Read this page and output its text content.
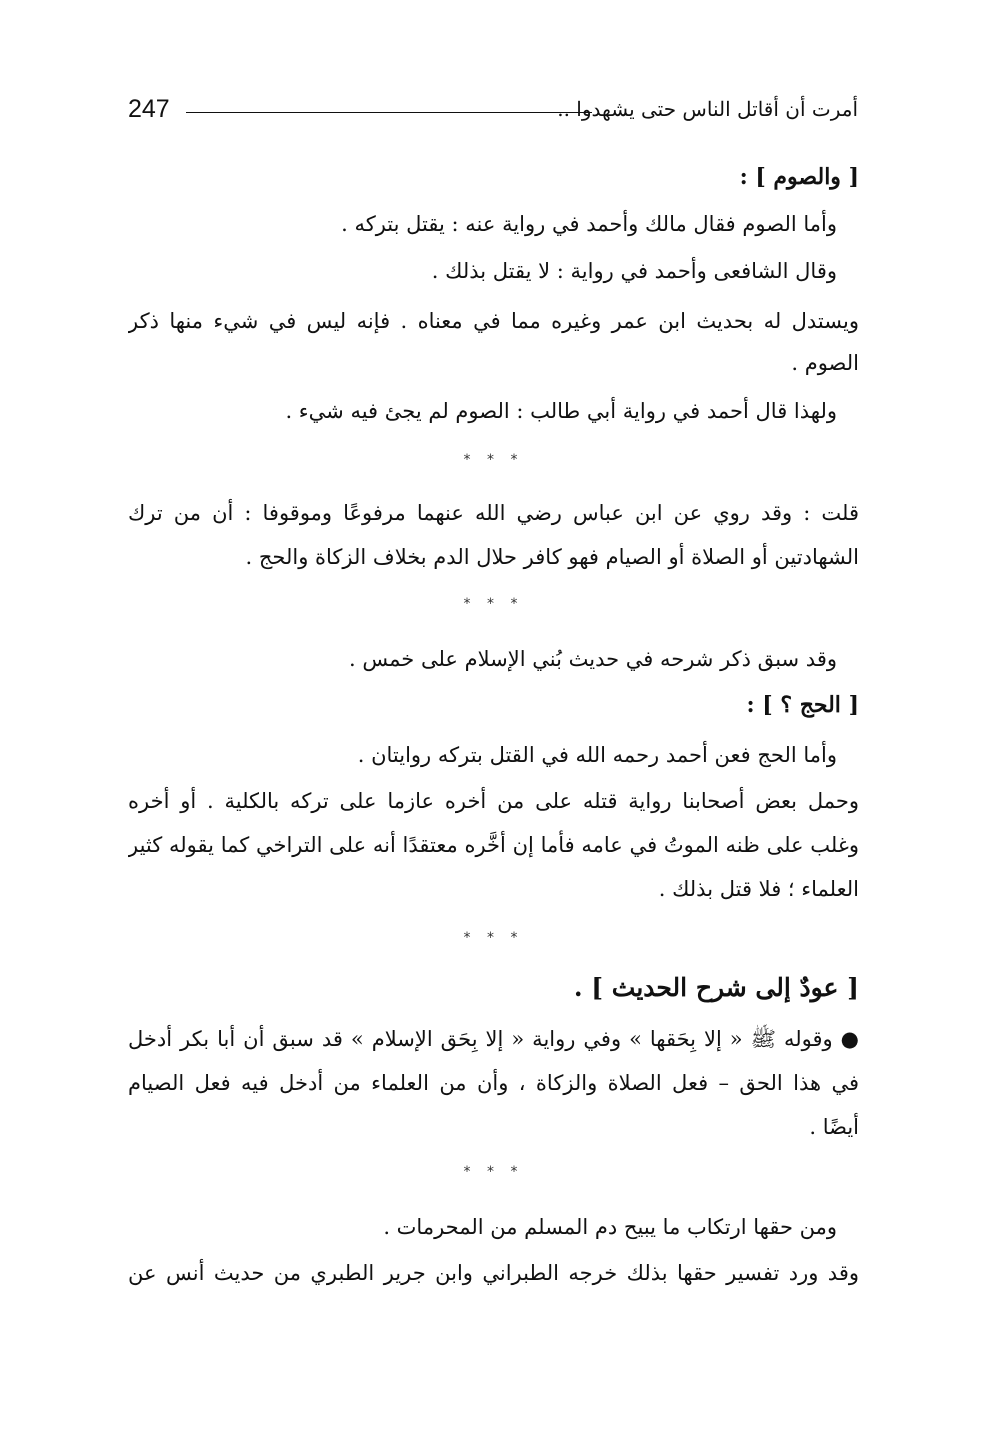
247	أمرت أن أقاتل الناس حتى يشهدوا ..
[ والصوم ] :
وأما الصوم فقال مالك وأحمد في رواية عنه : يقتل بتركه .
وقال الشافعى وأحمد في رواية : لا يقتل بذلك .
ويستدل له بحديث ابن عمر وغيره مما في معناه . فإنه ليس في شيء منها ذكر
الصوم .
ولهذا قال أحمد في رواية أبي طالب : الصوم لم يجئ فيه شيء .
* * *
قلت : وقد روي عن ابن عباس رضي الله عنهما مرفوعًا وموقوفا : أن من ترك
الشهادتين أو الصلاة أو الصيام فهو كافر حلال الدم بخلاف الزكاة والحج .
* * *
وقد سبق ذكر شرحه في حديث بُني الإسلام على خمس .
[ الحج ؟ ] :
وأما الحج فعن أحمد رحمه الله في القتل بتركه روايتان .
وحمل بعض أصحابنا رواية قتله على من أخره عازما على تركه بالكلية . أو أخره
وغلب على ظنه الموتُ في عامه فأما إن أخَّره معتقدًا أنه على التراخي كما يقوله كثير
العلماء ؛ فلا قتل بذلك .
* * *
[ عودٌ إلى شرح الحديث ] .
● وقوله ﷺ « إلا بِحَقها » وفي رواية « إلا بِحَق الإسلام » قد سبق أن أبا بكر أدخل
في هذا الحق – فعل الصلاة والزكاة ، وأن من العلماء من أدخل فيه فعل الصيام
أيضًا .
* * *
ومن حقها ارتكاب ما يبيح دم المسلم من المحرمات .
وقد ورد تفسير حقها بذلك خرجه الطبراني وابن جرير الطبري من حديث أنس عن
